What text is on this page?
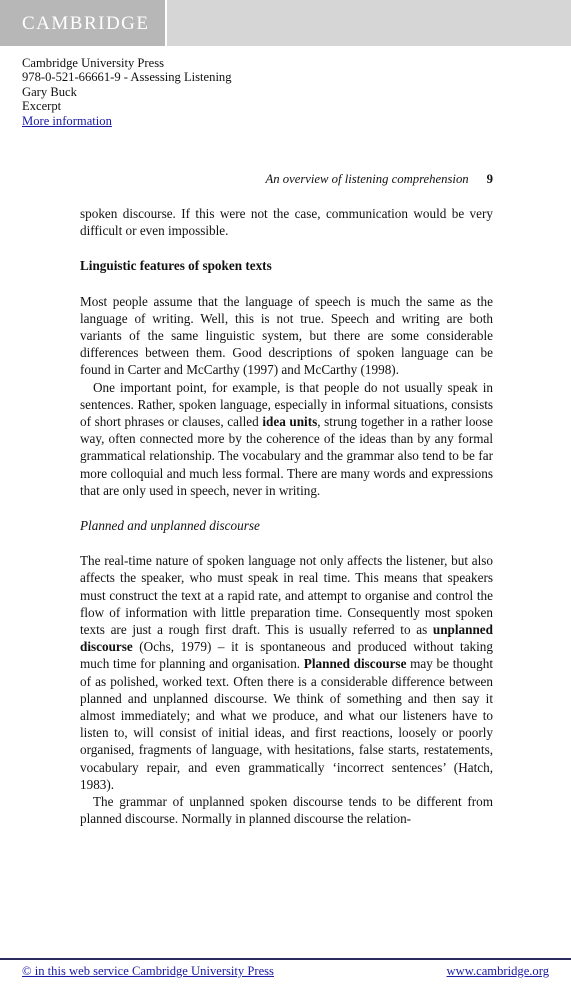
CAMBRIDGE
Cambridge University Press
978-0-521-66661-9 - Assessing Listening
Gary Buck
Excerpt
More information
An overview of listening comprehension 9

spoken discourse. If this were not the case, communication would be very difficult or even impossible.

Linguistic features of spoken texts

Most people assume that the language of speech is much the same as the language of writing. Well, this is not true. Speech and writing are both variants of the same linguistic system, but there are some considerable differences between them. Good descriptions of spoken language can be found in Carter and McCarthy (1997) and McCarthy (1998).

One important point, for example, is that people do not usually speak in sentences. Rather, spoken language, especially in informal situations, consists of short phrases or clauses, called idea units, strung together in a rather loose way, often connected more by the coherence of the ideas than by any formal grammatical relationship. The vocabulary and the grammar also tend to be far more colloquial and much less formal. There are many words and expressions that are only used in speech, never in writing.

Planned and unplanned discourse

The real-time nature of spoken language not only affects the listener, but also affects the speaker, who must speak in real time. This means that speakers must construct the text at a rapid rate, and attempt to organise and control the flow of information with little preparation time. Consequently most spoken texts are just a rough first draft. This is usually referred to as unplanned discourse (Ochs, 1979) – it is spontaneous and produced without taking much time for planning and organisation. Planned discourse may be thought of as polished, worked text. Often there is a considerable difference between planned and unplanned discourse. We think of something and then say it almost immediately; and what we produce, and what our listeners have to listen to, will consist of initial ideas, and first reactions, loosely or poorly organised, fragments of language, with hesitations, false starts, restatements, vocabulary repair, and even grammatically ‘incorrect sentences’ (Hatch, 1983).

The grammar of unplanned spoken discourse tends to be different from planned discourse. Normally in planned discourse the relation-

© in this web service Cambridge University Press	www.cambridge.org
